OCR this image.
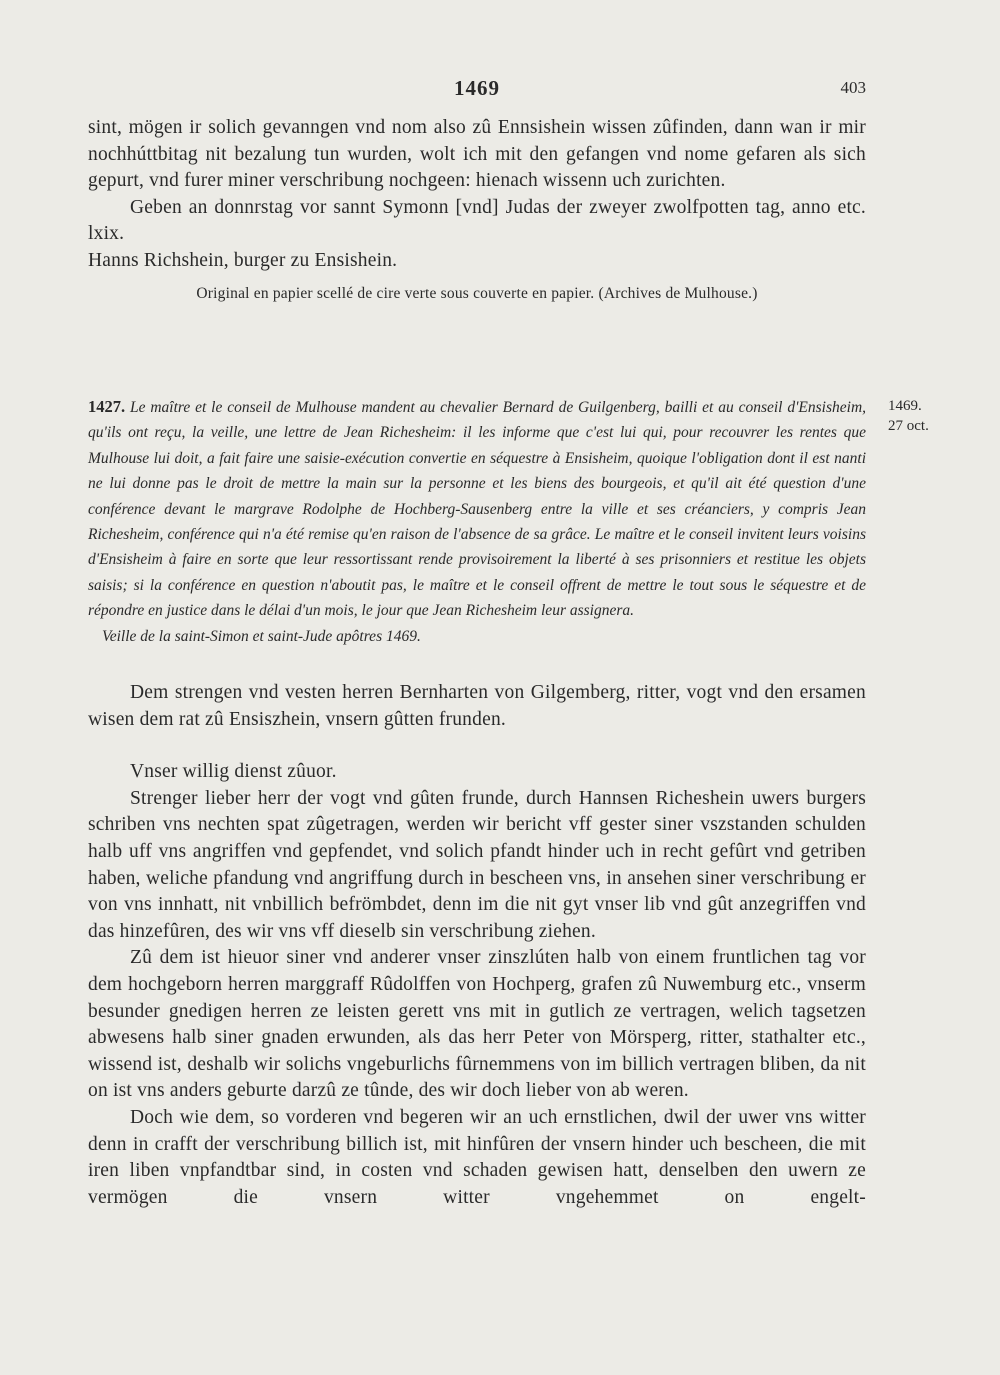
1469	403

sint, mögen ir solich gevanngen vnd nom also zû Ennsishein wissen zûfinden, dann wan ir mir nochhúttbitag nit bezalung tun wurden, wolt ich mit den gefangen vnd nome gefaren als sich gepurt, vnd furer miner verschribung nochgeen: hienach wissenn uch zurichten.

Geben an donnrstag vor sannt Symonn [vnd] Judas der zweyer zwolfpotten tag, anno etc. lxix.

Hanns Richshein, burger zu Ensishein.

Original en papier scellé de cire verte sous couverte en papier. (Archives de Mulhouse.)
1427. Le maître et le conseil de Mulhouse mandent au chevalier Bernard de Guilgenberg, bailli et au conseil d'Ensisheim, qu'ils ont reçu, la veille, une lettre de Jean Richesheim: il les informe que c'est lui qui, pour recouvrer les rentes que Mulhouse lui doit, a fait faire une saisie-exécution convertie en séquestre à Ensisheim, quoique l'obligation dont il est nanti ne lui donne pas le droit de mettre la main sur la personne et les biens des bourgeois, et qu'il ait été question d'une conférence devant le margrave Rodolphe de Hochberg-Sausenberg entre la ville et ses créanciers, y compris Jean Richesheim, conférence qui n'a été remise qu'en raison de l'absence de sa grâce. Le maître et le conseil invitent leurs voisins d'Ensisheim à faire en sorte que leur ressortissant rende provisoirement la liberté à ses prisonniers et restitue les objets saisis; si la conférence en question n'aboutit pas, le maître et le conseil offrent de mettre le tout sous le séquestre et de répondre en justice dans le délai d'un mois, le jour que Jean Richesheim leur assignera.
Veille de la saint-Simon et saint-Jude apôtres 1469.
1469.
27 oct.

Dem strengen vnd vesten herren Bernharten von Gilgemberg, ritter, vogt vnd den ersamen wisen dem rat zû Ensiszhein, vnsern gûtten frunden.

Vnser willig dienst zûuor.

Strenger lieber herr der vogt vnd gûten frunde, durch Hannsen Richeshein uwers burgers schriben vns nechten spat zûgetragen, werden wir bericht vff gester siner vszstanden schulden halb uff vns angriffen vnd gepfendet, vnd solich pfandt hinder uch in recht gefûrt vnd getriben haben, weliche pfandung vnd angriffung durch in bescheen vns, in ansehen siner verschribung er von vns innhatt, nit vnbillich befrömbdet, denn im die nit gyt vnser lib vnd gût anzegriffen vnd das hinzefûren, des wir vns vff dieselb sin verschribung ziehen.

Zû dem ist hieuor siner vnd anderer vnser zinszlúten halb von einem fruntlichen tag vor dem hochgeborn herren marggraff Rûdolffen von Hochperg, grafen zû Nuwemburg etc., vnserm besunder gnedigen herren ze leisten gerett vns mit in gutlich ze vertragen, welich tagsetzen abwesens halb siner gnaden erwunden, als das herr Peter von Mörsperg, ritter, stathalter etc., wissend ist, deshalb wir solichs vngeburlichs fûrnemmens von im billich vertragen bliben, da nit on ist vns anders geburte darzû ze tûnde, des wir doch lieber von ab weren.

Doch wie dem, so vorderen vnd begeren wir an uch ernstlichen, dwil der uwer vns witter denn in crafft der verschribung billich ist, mit hinfûren der vnsern hinder uch bescheen, die mit iren liben vnpfandtbar sind, in costen vnd schaden gewisen hatt, denselben den uwern ze vermögen die vnsern witter vngehemmet on engelt-
